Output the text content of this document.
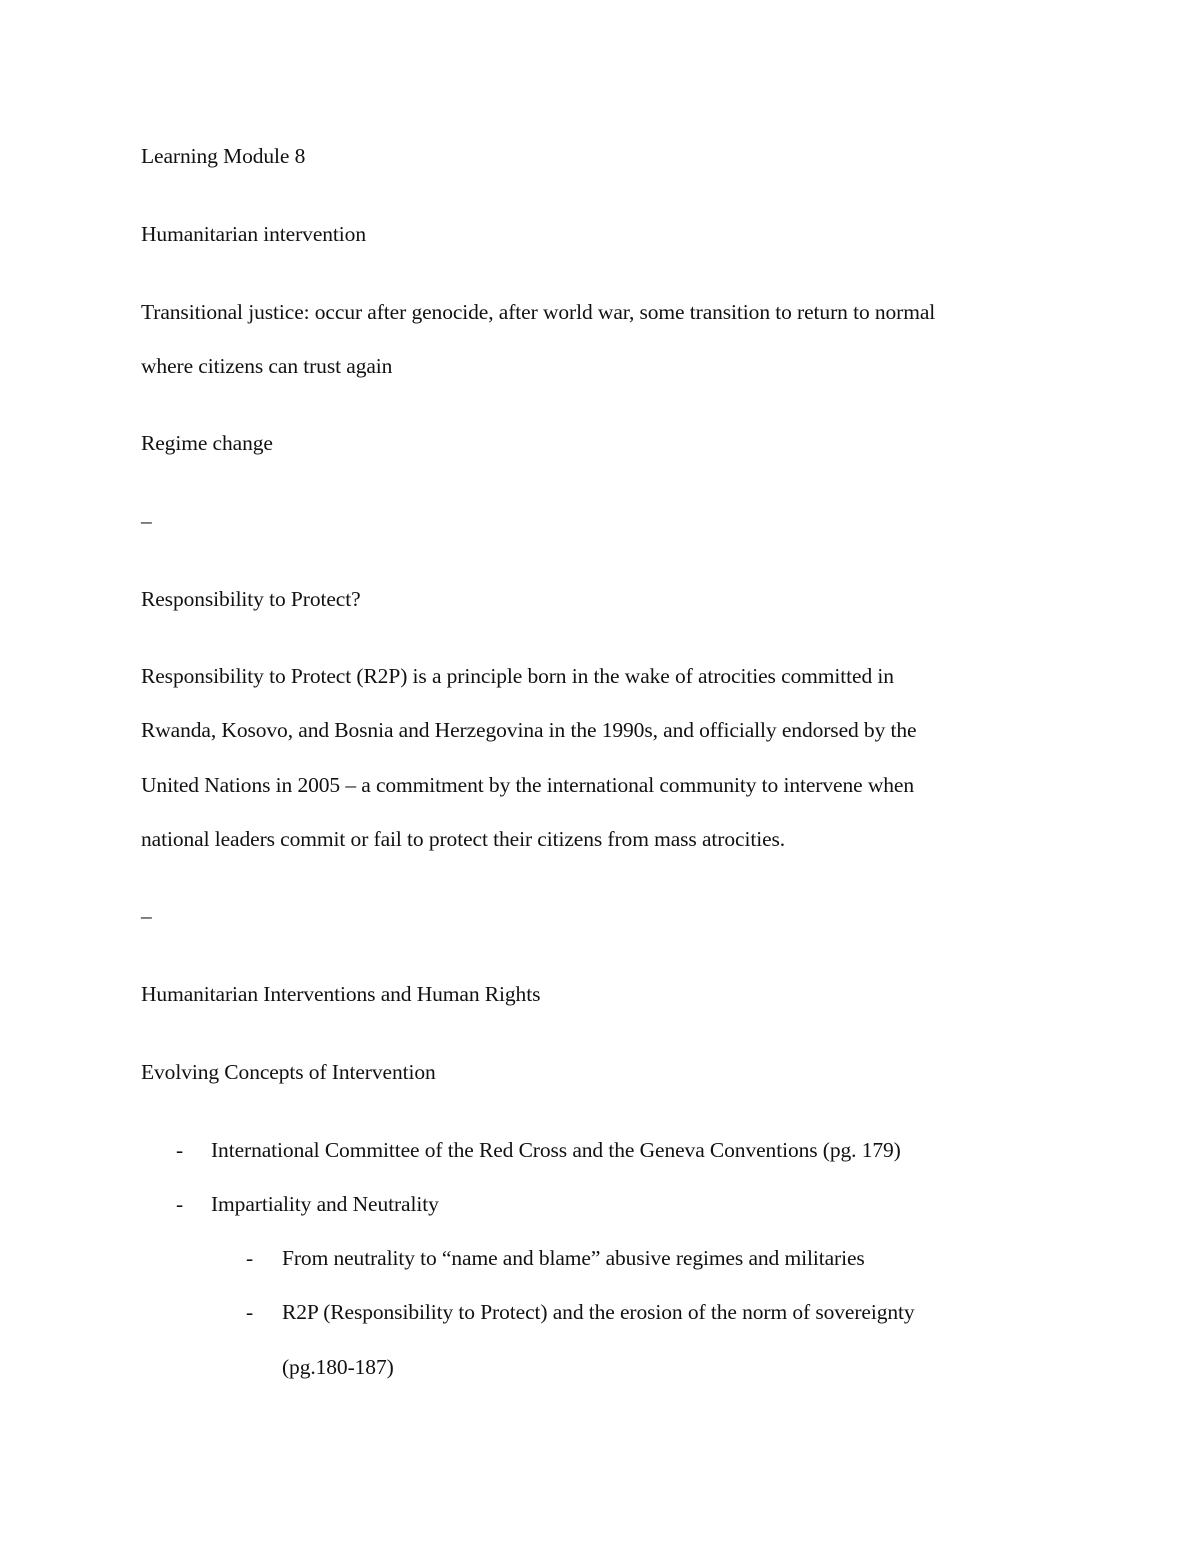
Learning Module 8
Humanitarian intervention
Transitional justice: occur after genocide, after world war, some transition to return to normal
where citizens can trust again
Regime change
–
Responsibility to Protect?
Responsibility to Protect (R2P) is a principle born in the wake of atrocities committed in
Rwanda, Kosovo, and Bosnia and Herzegovina in the 1990s, and officially endorsed by the
United Nations in 2005 – a commitment by the international community to intervene when
national leaders commit or fail to protect their citizens from mass atrocities.
–
Humanitarian Interventions and Human Rights
Evolving Concepts of Intervention
- International Committee of the Red Cross and the Geneva Conventions (pg. 179)
- Impartiality and Neutrality
- From neutrality to “name and blame” abusive regimes and militaries
- R2P (Responsibility to Protect) and the erosion of the norm of sovereignty
(pg.180-187)
